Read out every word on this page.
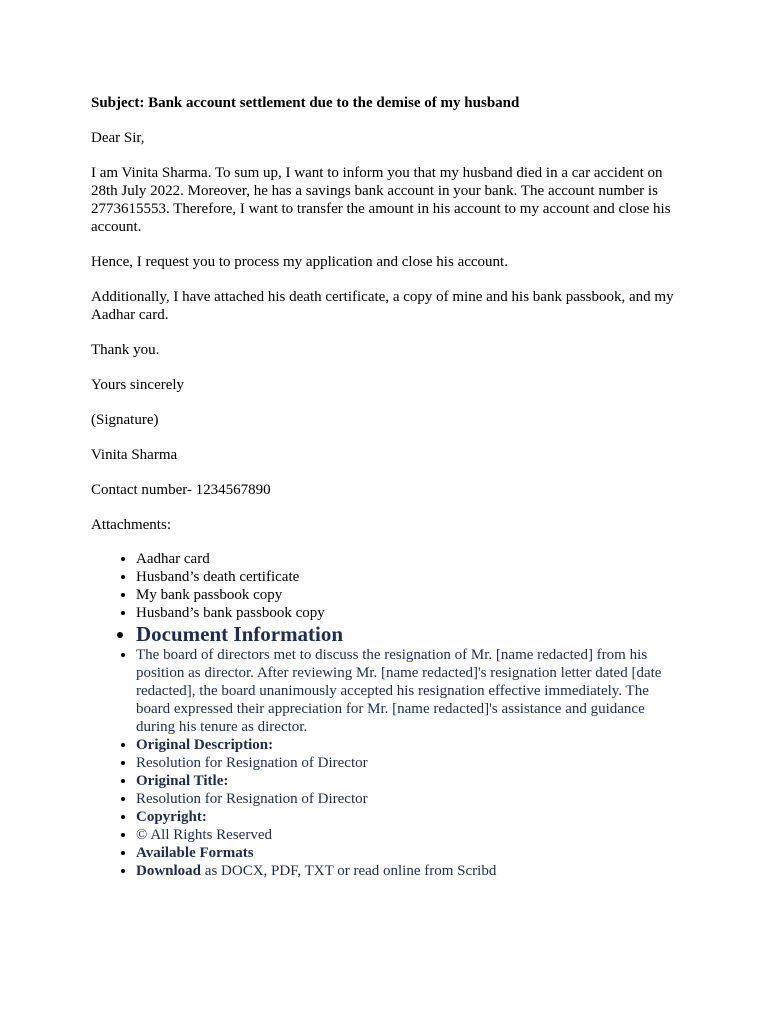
Subject: Bank account settlement due to the demise of my husband

Dear Sir,

I am Vinita Sharma. To sum up, I want to inform you that my husband died in a car accident on 28th July 2022. Moreover, he has a savings bank account in your bank. The account number is 2773615553. Therefore, I want to transfer the amount in his account to my account and close his account.

Hence, I request you to process my application and close his account.

Additionally, I have attached his death certificate, a copy of mine and his bank passbook, and my Aadhar card.

Thank you.

Yours sincerely

(Signature)

Vinita Sharma

Contact number- 1234567890

Attachments:

• Aadhar card
• Husband’s death certificate
• My bank passbook copy
• Husband’s bank passbook copy
• Document Information
• The board of directors met to discuss the resignation of Mr. [name redacted] from his position as director. After reviewing Mr. [name redacted]'s resignation letter dated [date redacted], the board unanimously accepted his resignation effective immediately. The board expressed their appreciation for Mr. [name redacted]'s assistance and guidance during his tenure as director.
• Original Description:
• Resolution for Resignation of Director
• Original Title:
• Resolution for Resignation of Director
• Copyright:
• © All Rights Reserved
• Available Formats
• Download as DOCX, PDF, TXT or read online from Scribd
